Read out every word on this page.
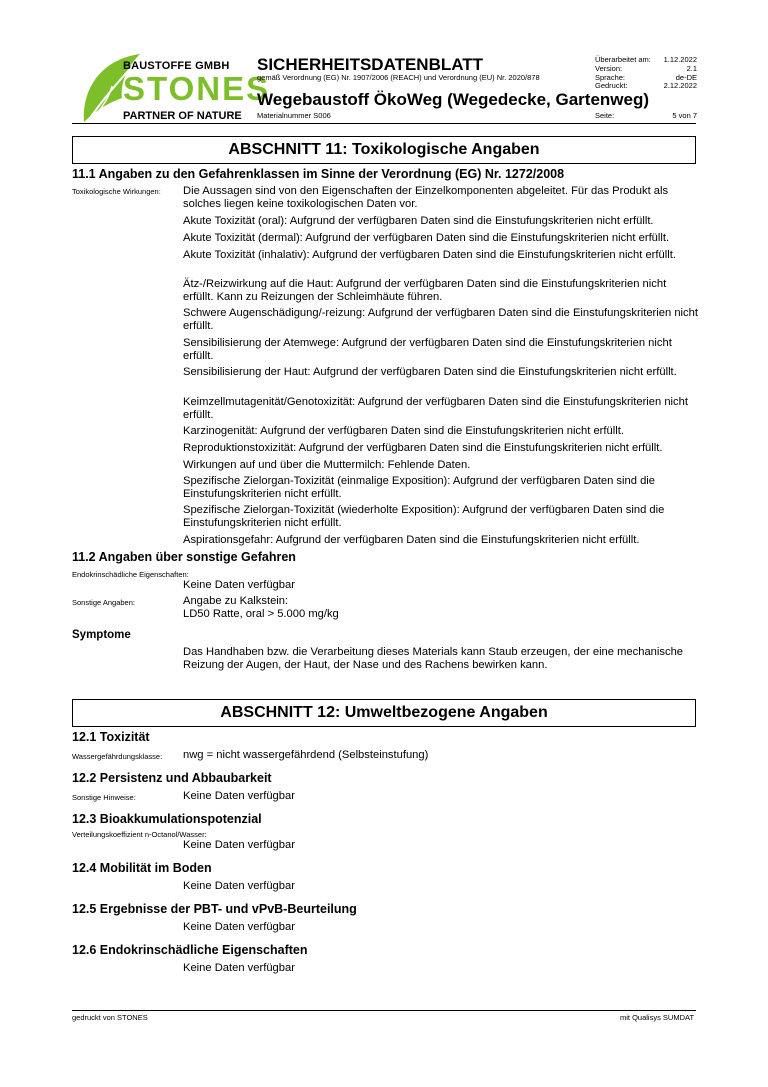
BAUSTOFFE GMBH
STONES
PARTNER OF NATURE
SICHERHEITSDATENBLATT
gemäß Verordnung (EG) Nr. 1907/2006 (REACH) und Verordnung (EU) Nr. 2020/878
Wegebaustoff ÖkoWeg (Wegedecke, Gartenweg)
Materialnummer S006
Überarbeitet am: 1.12.2022
Version:	2.1
Sprache:	de-DE
Gedruckt:	2.12.2022
Seite:	5 von 7
ABSCHNITT 11: Toxikologische Angaben
11.1 Angaben zu den Gefahrenklassen im Sinne der Verordnung (EG) Nr. 1272/2008
Toxikologische Wirkungen: Die Aussagen sind von den Eigenschaften der Einzelkomponenten abgeleitet. Für das Produkt als solches liegen keine toxikologischen Daten vor.
Akute Toxizität (oral): Aufgrund der verfügbaren Daten sind die Einstufungskriterien nicht erfüllt.
Akute Toxizität (dermal): Aufgrund der verfügbaren Daten sind die Einstufungskriterien nicht erfüllt.
Akute Toxizität (inhalativ): Aufgrund der verfügbaren Daten sind die Einstufungskriterien nicht erfüllt.
Ätz-/Reizwirkung auf die Haut: Aufgrund der verfügbaren Daten sind die Einstufungskriterien nicht erfüllt. Kann zu Reizungen der Schleimhäute führen.
Schwere Augenschädigung/-reizung: Aufgrund der verfügbaren Daten sind die Einstufungskriterien nicht erfüllt.
Sensibilisierung der Atemwege: Aufgrund der verfügbaren Daten sind die Einstufungskriterien nicht erfüllt.
Sensibilisierung der Haut: Aufgrund der verfügbaren Daten sind die Einstufungskriterien nicht erfüllt.
Keimzellmutagenität/Genotoxizität: Aufgrund der verfügbaren Daten sind die Einstufungskriterien nicht erfüllt.
Karzinogenität: Aufgrund der verfügbaren Daten sind die Einstufungskriterien nicht erfüllt.
Reproduktionstoxizität: Aufgrund der verfügbaren Daten sind die Einstufungskriterien nicht erfüllt.
Wirkungen auf und über die Muttermilch: Fehlende Daten.
Spezifische Zielorgan-Toxizität (einmalige Exposition): Aufgrund der verfügbaren Daten sind die Einstufungskriterien nicht erfüllt.
Spezifische Zielorgan-Toxizität (wiederholte Exposition): Aufgrund der verfügbaren Daten sind die Einstufungskriterien nicht erfüllt.
Aspirationsgefahr: Aufgrund der verfügbaren Daten sind die Einstufungskriterien nicht erfüllt.
11.2 Angaben über sonstige Gefahren
Endokrinschädliche Eigenschaften:
Keine Daten verfügbar
Sonstige Angaben:	Angabe zu Kalkstein:
LD50 Ratte, oral > 5.000 mg/kg
Symptome
Das Handhaben bzw. die Verarbeitung dieses Materials kann Staub erzeugen, der eine mechanische Reizung der Augen, der Haut, der Nase und des Rachens bewirken kann.
ABSCHNITT 12: Umweltbezogene Angaben
12.1 Toxizität
Wassergefährdungsklasse: nwg = nicht wassergefährdend (Selbsteinstufung)
12.2 Persistenz und Abbaubarkeit
Sonstige Hinweise:	Keine Daten verfügbar
12.3 Bioakkumulationspotenzial
Verteilungskoeffizient n-Octanol/Wasser:
Keine Daten verfügbar
12.4 Mobilität im Boden
Keine Daten verfügbar
12.5 Ergebnisse der PBT- und vPvB-Beurteilung
Keine Daten verfügbar
12.6 Endokrinschädliche Eigenschaften
Keine Daten verfügbar
gedruckt von STONES	mit Qualisys SUMDAT
